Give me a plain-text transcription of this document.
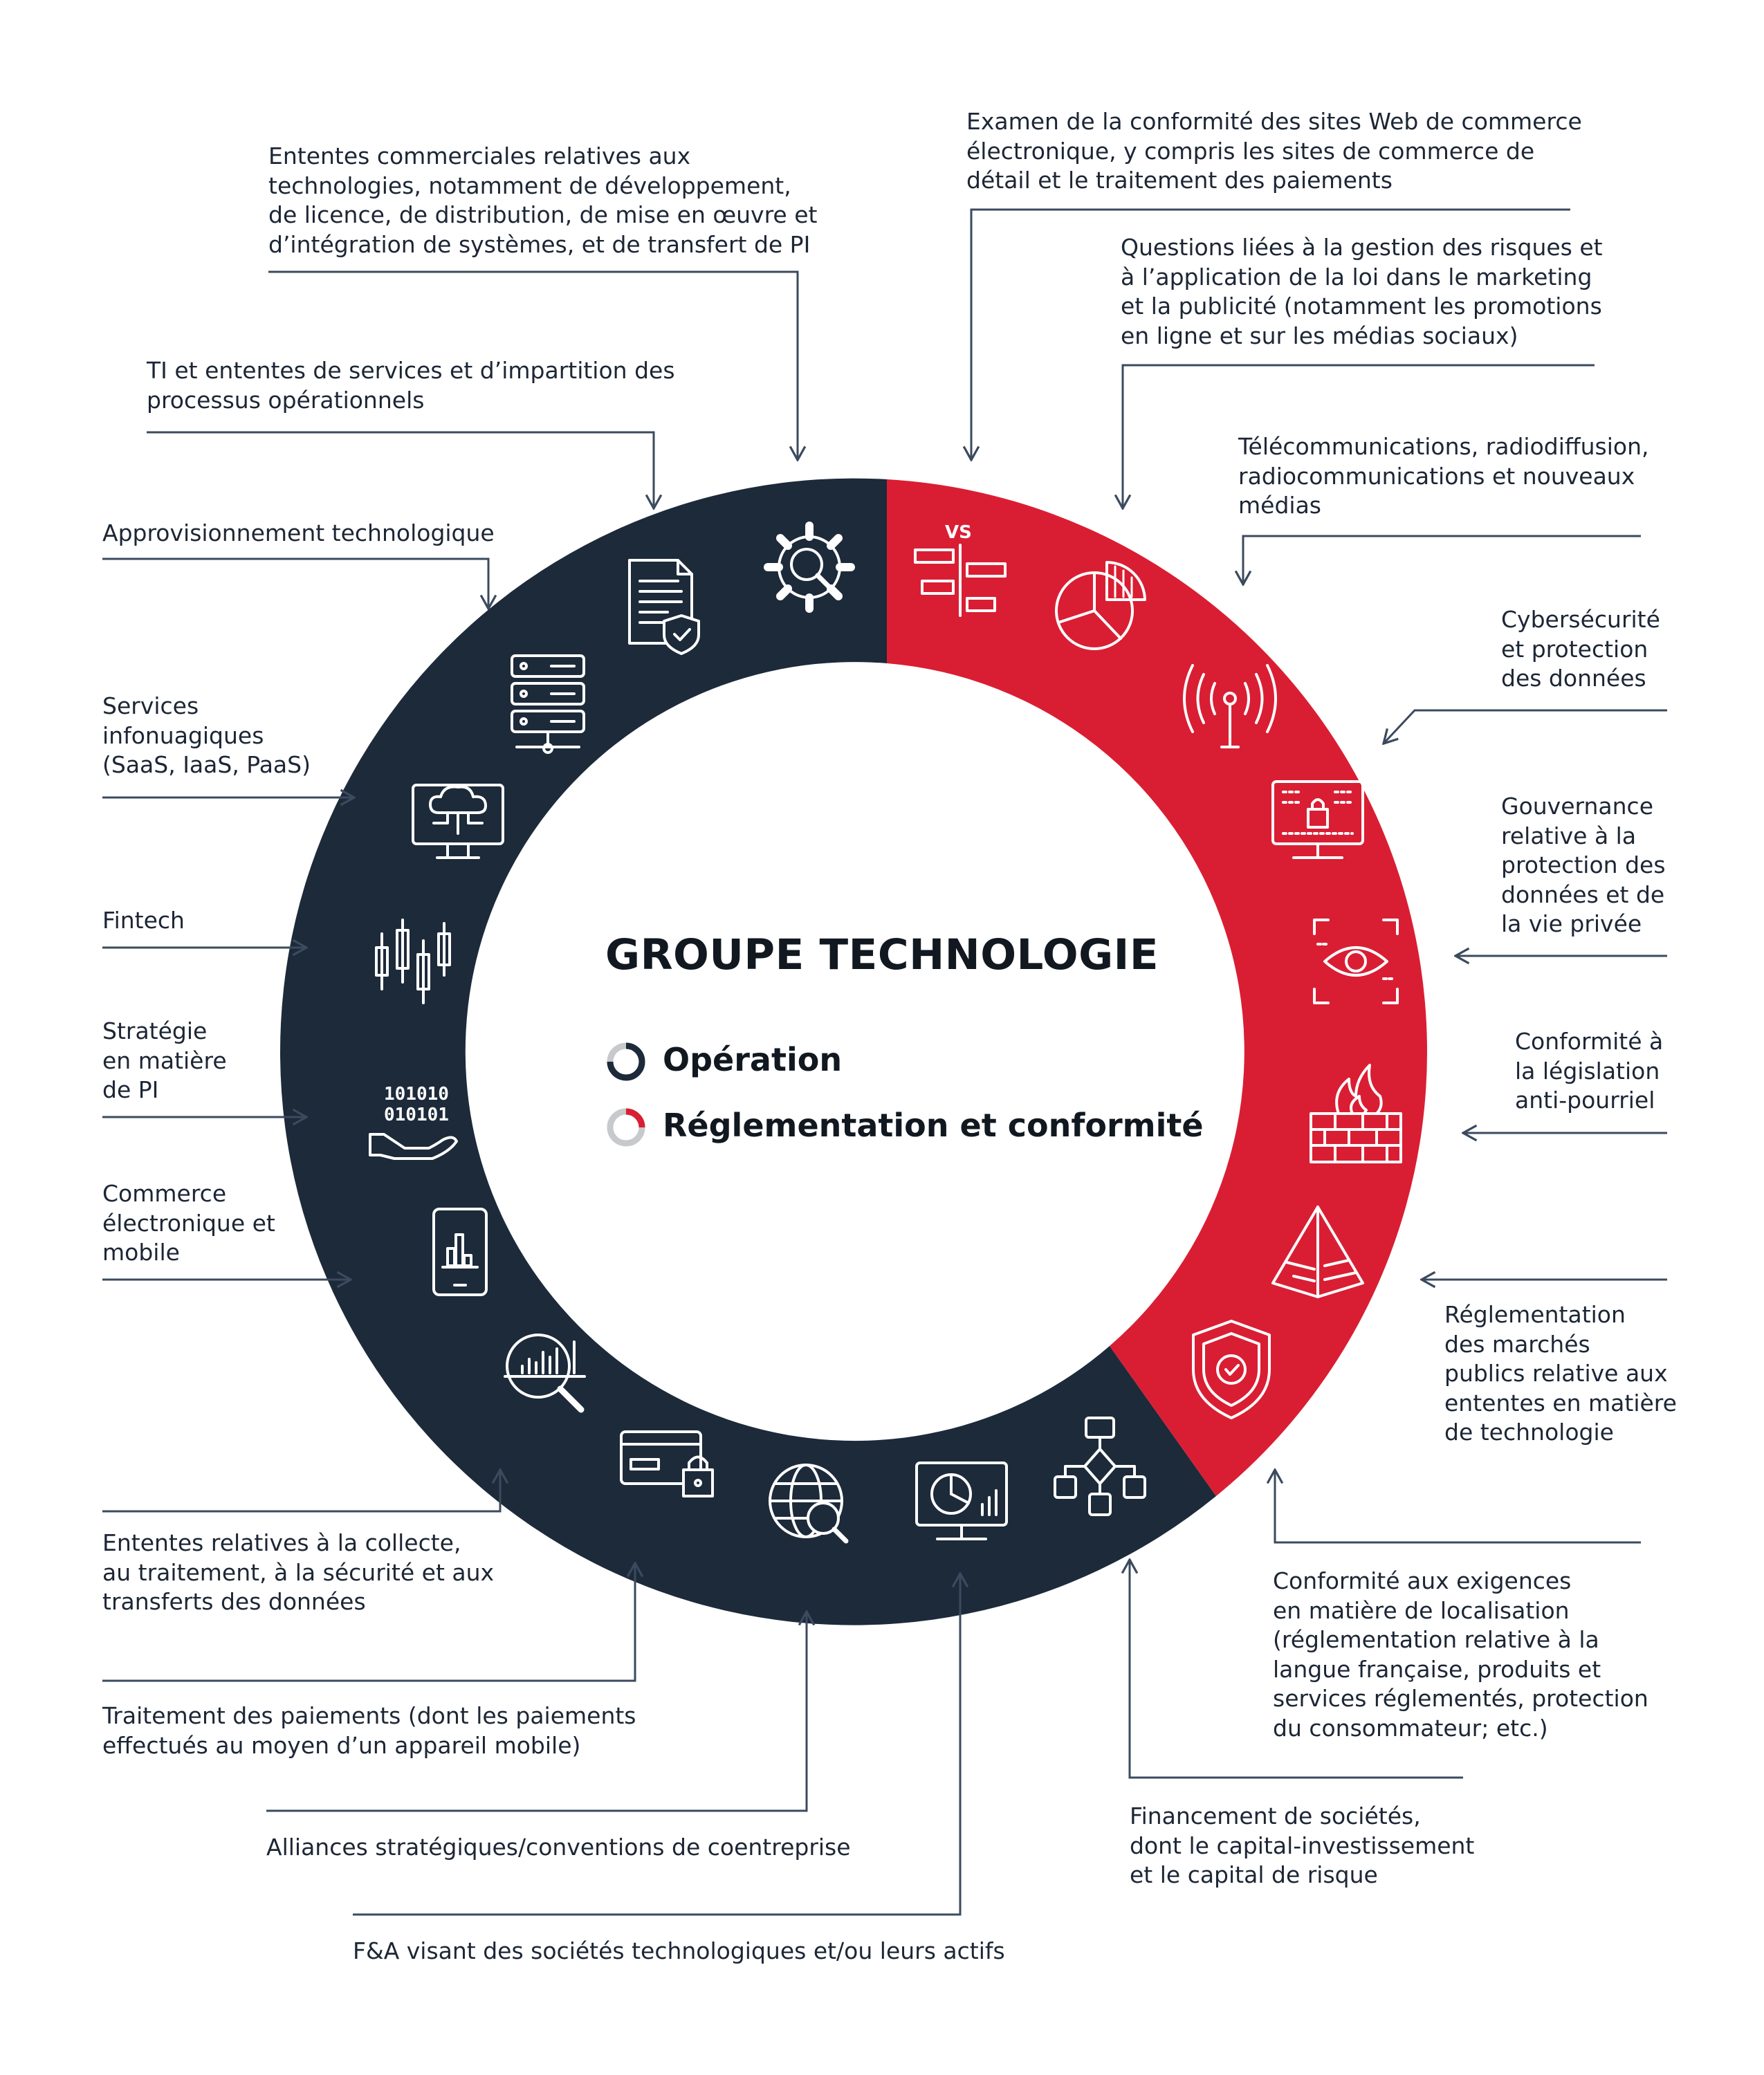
101010
010101
VS
Ententes commerciales relatives aux
technologies, notamment de développement,
de licence, de distribution, de mise en œuvre et
d’intégration de systèmes, et de transfert de PI
TI et ententes de services et d’impartition des
processus opérationnels
Approvisionnement technologique
Services
infonuagiques
(SaaS, IaaS, PaaS)
Fintech
Stratégie
en matière
de PI
Commerce
électronique et
mobile
Ententes relatives à la collecte,
au traitement, à la sécurité et aux
transferts des données
Traitement des paiements (dont les paiements
effectués au moyen d’un appareil mobile)
Alliances stratégiques/conventions de coentreprise
F&A visant des sociétés technologiques et/ou leurs actifs
Examen de la conformité des sites Web de commerce
électronique, y compris les sites de commerce de
détail et le traitement des paiements
Questions liées à la gestion des risques et
à l’application de la loi dans le marketing
et la publicité (notamment les promotions
en ligne et sur les médias sociaux)
Télécommunications, radiodiffusion,
radiocommunications et nouveaux
médias
Cybersécurité
et protection
des données
Gouvernance
relative à la
protection des
données et de
la vie privée
Conformité à
la législation
anti-pourriel
Réglementation
des marchés
publics relative aux
ententes en matière
de technologie
Conformité aux exigences
en matière de localisation
(réglementation relative à la
langue française, produits et
services réglementés, protection
du consommateur; etc.)
Financement de sociétés,
dont le capital-investissement
et le capital de risque
GROUPE TECHNOLOGIE
Opération
Réglementation et conformité
